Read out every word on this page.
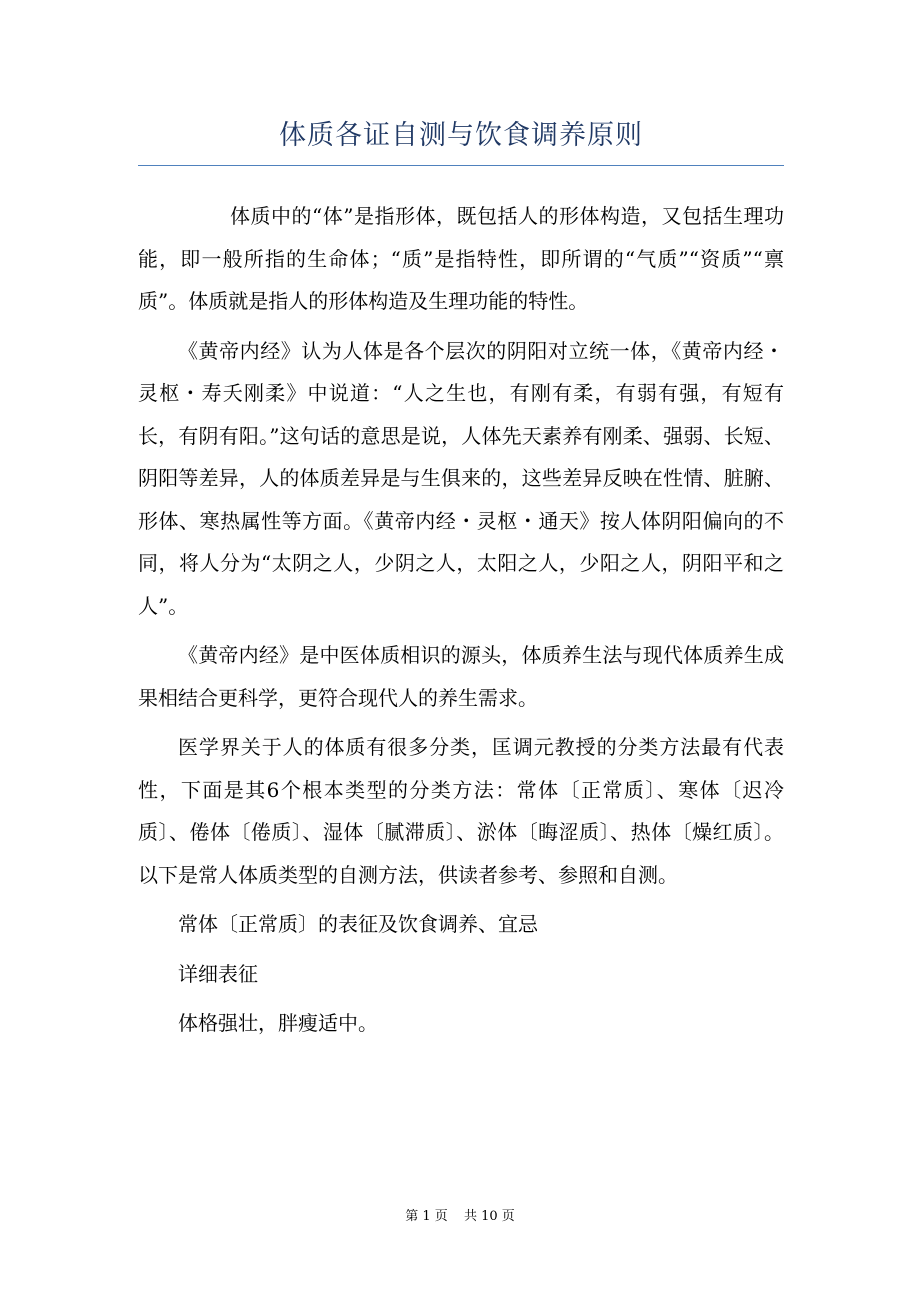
体质各证自测与饮食调养原则

体质中的“体”是指形体，既包括人的形体构造，又包括生理功能，即一般所指的生命体；“质”是指特性，即所谓的“气质”“资质”“禀质”。体质就是指人的形体构造及生理功能的特性。

《黄帝内经》认为人体是各个层次的阴阳对立统一体，《黄帝内经・灵枢・寿夭刚柔》中说道：“人之生也，有刚有柔，有弱有强，有短有长，有阴有阳。”这句话的意思是说，人体先天素养有刚柔、强弱、长短、阴阳等差异，人的体质差异是与生俱来的，这些差异反映在性情、脏腑、形体、寒热属性等方面。《黄帝内经・灵枢・通天》按人体阴阳偏向的不同，将人分为“太阴之人，少阴之人，太阳之人，少阳之人，阴阳平和之人”。

《黄帝内经》是中医体质相识的源头，体质养生法与现代体质养生成果相结合更科学，更符合现代人的养生需求。

医学界关于人的体质有很多分类，匡调元教授的分类方法最有代表性，下面是其6个根本类型的分类方法：常体〔正常质〕、寒体〔迟冷质〕、倦体〔倦质〕、湿体〔腻滞质〕、淤体〔晦涩质〕、热体〔燥红质〕。以下是常人体质类型的自测方法，供读者参考、参照和自测。

常体〔正常质〕的表征及饮食调养、宜忌

详细表征

体格强壮，胖瘦适中。

第 1 页 共 10 页
